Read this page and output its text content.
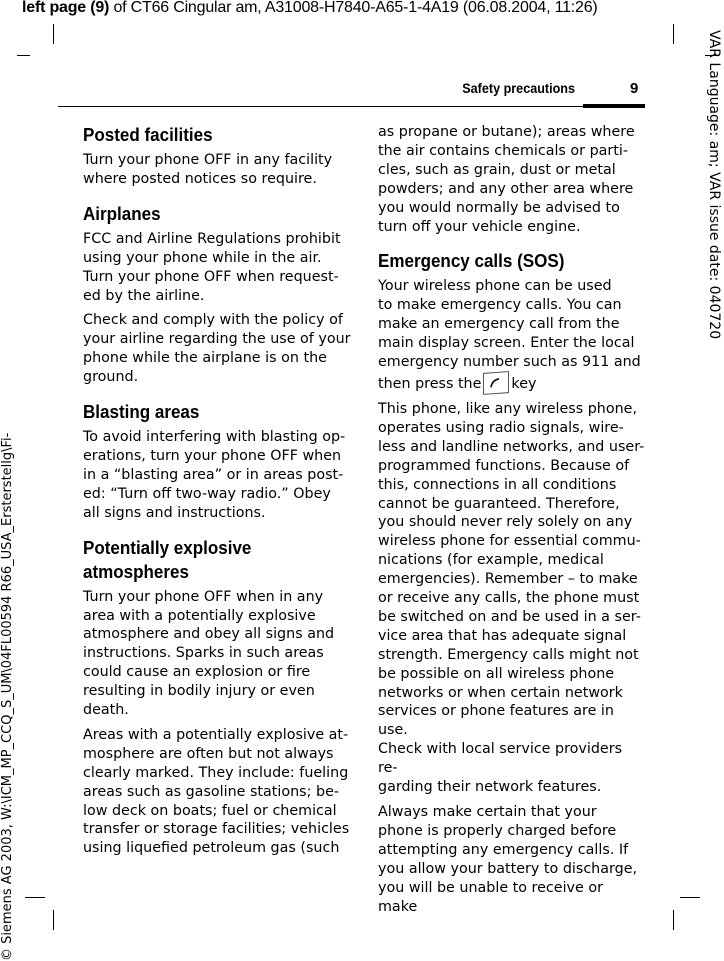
left page (9) of CT66 Cingular am, A31008-H7840-A65-1-4A19 (06.08.2004, 11:26)
VAR Language: am; VAR issue date: 040720
© Siemens AG 2003, W:\ICM_MP_CCQ_S_UM\04FL00594 R66_USA_Ersterstellg\Fi-
Safety precautions	9
Posted facilities

Turn your phone OFF in any facility
where posted notices so require.

Airplanes

FCC and Airline Regulations prohibit
using your phone while in the air.
Turn your phone OFF when request-
ed by the airline.

Check and comply with the policy of
your airline regarding the use of your
phone while the airplane is on the
ground.

Blasting areas

To avoid interfering with blasting op-
erations, turn your phone OFF when
in a “blasting area” or in areas post-
ed: “Turn off two-way radio.” Obey
all signs and instructions.

Potentially explosive
atmospheres

Turn your phone OFF when in any
area with a potentially explosive
atmosphere and obey all signs and
instructions. Sparks in such areas
could cause an explosion or fire
resulting in bodily injury or even
death.

Areas with a potentially explosive at-
mosphere are often but not always
clearly marked. They include: fueling
areas such as gasoline stations; be-
low deck on boats; fuel or chemical
transfer or storage facilities; vehicles
using liquefied petroleum gas (such

as propane or butane); areas where
the air contains chemicals or parti-
cles, such as grain, dust or metal
powders; and any other area where
you would normally be advised to
turn off your vehicle engine.

Emergency calls (SOS)

Your wireless phone can be used
to make emergency calls. You can
make an emergency call from the
main display screen. Enter the local
emergency number such as 911 and
then press the key

This phone, like any wireless phone,
operates using radio signals, wire-
less and landline networks, and user-
programmed functions. Because of
this, connections in all conditions
cannot be guaranteed. Therefore,
you should never rely solely on any
wireless phone for essential commu-
nications (for example, medical
emergencies). Remember – to make
or receive any calls, the phone must
be switched on and be used in a ser-
vice area that has adequate signal
strength. Emergency calls might not
be possible on all wireless phone
networks or when certain network
services or phone features are in use.
Check with local service providers re-
garding their network features.

Always make certain that your
phone is properly charged before
attempting any emergency calls. If
you allow your battery to discharge,
you will be unable to receive or make
